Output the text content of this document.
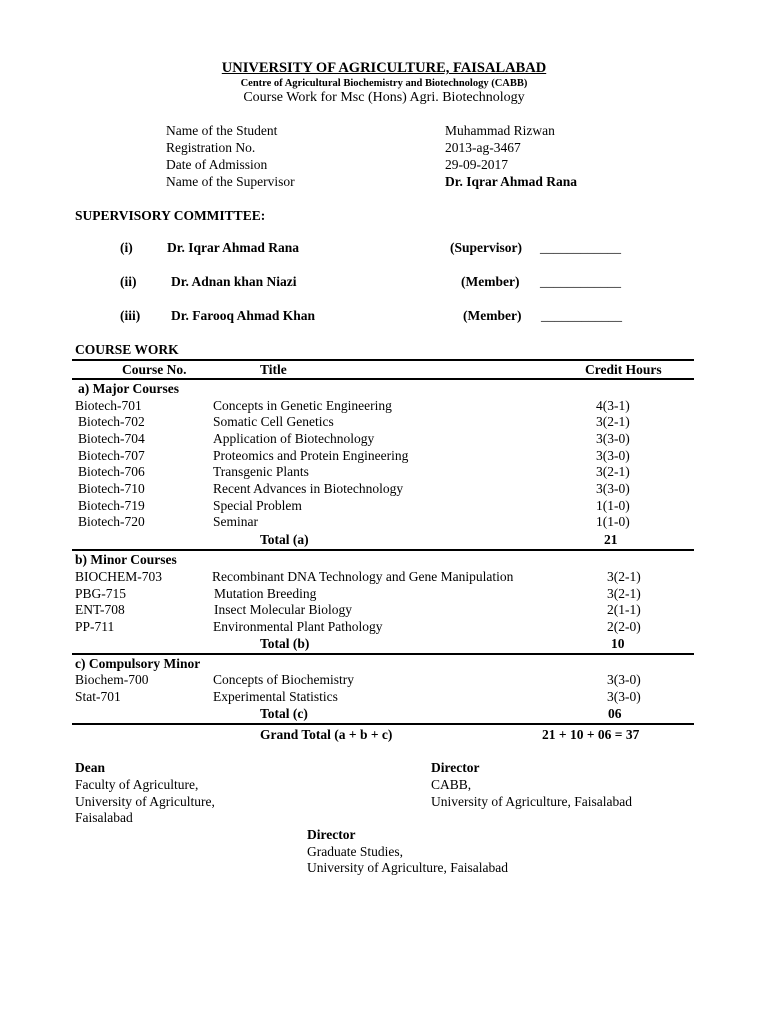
UNIVERSITY OF AGRICULTURE, FAISALABAD
Centre of Agricultural Biochemistry and Biotechnology (CABB)
Course Work for Msc (Hons) Agri. Biotechnology
Name of the Student	Muhammad Rizwan
Registration No.	2013-ag-3467
Date of Admission	29-09-2017
Name of the Supervisor	Dr. Iqrar Ahmad Rana
SUPERVISORY COMMITTEE:
(i)	Dr. Iqrar Ahmad Rana	(Supervisor) ____________
(ii)	Dr. Adnan khan Niazi	(Member) ____________
(iii) Dr. Farooq Ahmad Khan	(Member) ____________
COURSE WORK
Course No.	Title	Credit Hours
a) Major Courses
Biotech-701	Concepts in Genetic Engineering	4(3-1)
Biotech-702	Somatic Cell Genetics	3(2-1)
Biotech-704	Application of Biotechnology	3(3-0)
Biotech-707	Proteomics and Protein Engineering	3(3-0)
Biotech-706	Transgenic Plants	3(2-1)
Biotech-710	Recent Advances in Biotechnology	3(3-0)
Biotech-719	Special Problem	1(1-0)
Biotech-720	Seminar	1(1-0)
Total (a)	21
b) Minor Courses
BIOCHEM-703	Recombinant DNA Technology and Gene Manipulation	3(2-1)
PBG-715	Mutation Breeding	3(2-1)
ENT-708	Insect Molecular Biology	2(1-1)
PP-711	Environmental Plant Pathology	2(2-0)
Total (b)	10
c) Compulsory Minor
Biochem-700	Concepts of Biochemistry	3(3-0)
Stat-701	Experimental Statistics	3(3-0)
Total (c)	06
Grand Total (a + b + c)	21 + 10 + 06 = 37
Dean
Faculty of Agriculture,
University of Agriculture,
Faisalabad
Director
CABB,
University of Agriculture, Faisalabad
Director
Graduate Studies,
University of Agriculture, Faisalabad
